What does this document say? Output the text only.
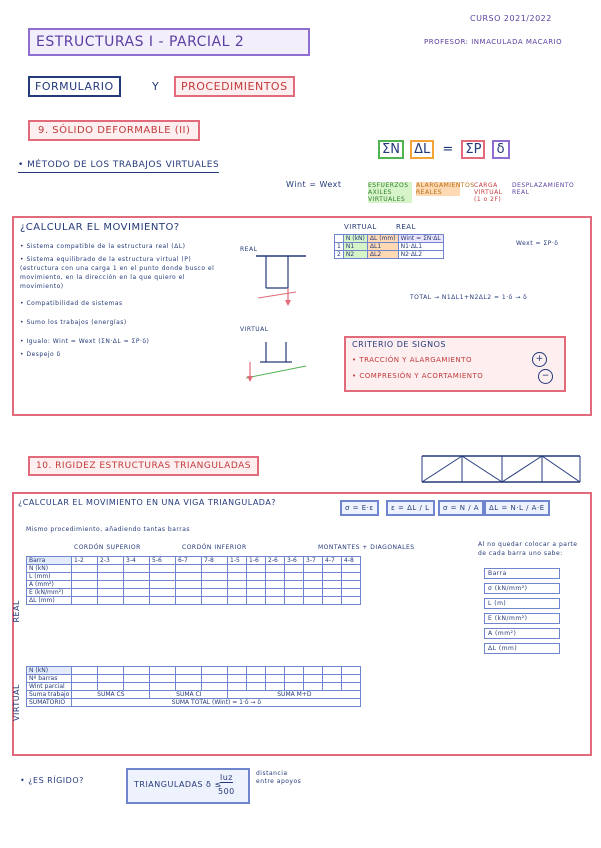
ESTRUCTURAS I - PARCIAL 2
CURSO 2021/2022
PROFESOR: INMACULADA MACARIO
FORMULARIO	Y	PROCEDIMIENTOS
9. SÓLIDO DEFORMABLE (II)
• MÉTODO DE LOS TRABAJOS VIRTUALES
Wint = Wext
ΣN ΔL = ΣP δ
ESFUERZOS AXILES VIRTUALES
ALARGAMIENTOS REALES
CARGA VIRTUAL (1 o 2F)
DESPLAZAMIENTO REAL
¿CALCULAR EL MOVIMIENTO?
• Sistema compatible de la estructura real (ΔL)
• Sistema equilibrado de la estructura virtual (P) (estructura con una carga 1 en el punto donde busco el movimiento, en la dirección en la que quiero el movimiento)
• Compatibilidad de sistemas
• Sumo los trabajos (energías)
• Igualo: Wint = Wext (ΣN·ΔL = ΣP·δ)
• Despejo δ
REAL
VIRTUAL
VIRTUAL	REAL
	N (kN)	ΔL (mm)	Wint = ΣN·ΔL
1	N1	ΔL1	N1·ΔL1
2	N2	ΔL2	N2·ΔL2
Wext = ΣP·δ
TOTAL → N1ΔL1+N2ΔL2 = 1·δ → δ
CRITERIO DE SIGNOS
• TRACCIÓN Y ALARGAMIENTO	+
• COMPRESIÓN Y ACORTAMIENTO	−
10. RIGIDEZ ESTRUCTURAS TRIANGULADAS
¿CALCULAR EL MOVIMIENTO EN UNA VIGA TRIANGULADA?
σ = E·ε	ε = ΔL / L	σ = N / A	ΔL = N·L / A·E
Mismo procedimiento, añadiendo tantas barras
CORDÓN SUPERIOR	CORDÓN INFERIOR	MONTANTES + DIAGONALES
Barra	1-2	2-3	3-4	5-6	6-7	7-8	1-5	1-6	2-6	3-6	3-7	4-7	4-8
N (kN)													
L (mm)													
A (mm²)													
E (kN/mm²)													
ΔL (mm)													
REAL
N (kN)													
Nº barras													
Wint parcial													
Suma trabajo	SUMA CS			SUMA CI			SUMA M+D						
SUMATORIO	SUMA TOTAL (Wint) = 1·δ → δ												
VIRTUAL
Al no quedar colocar a parte de cada barra uno sabe:
Barra
σ (kN/mm²)
L (m)
E (kN/mm²)
A (mm²)
ΔL (mm)
• ¿ES RÍGIDO?	TRIANGULADAS δ ≤
luz
500
distancia entre apoyos
